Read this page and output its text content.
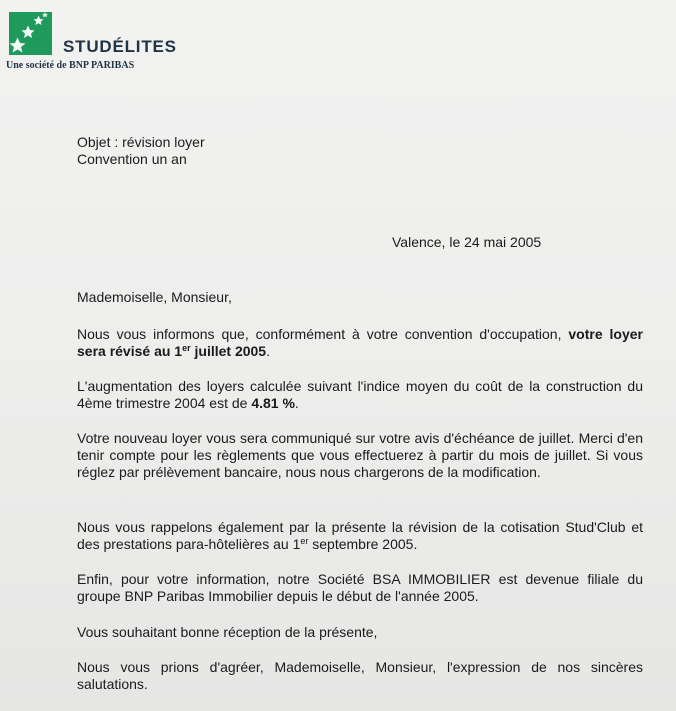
STUDÉLITES
Une société de BNP PARIBAS
Objet : révision loyer
Convention un an
Valence, le 24 mai 2005
Mademoiselle, Monsieur,
Nous vous informons que, conformément à votre convention d'occupation, votre loyer sera révisé au 1er juillet 2005.
L'augmentation des loyers calculée suivant l'indice moyen du coût de la construction du 4ème trimestre 2004 est de 4.81 %.
Votre nouveau loyer vous sera communiqué sur votre avis d'échéance de juillet. Merci d'en tenir compte pour les règlements que vous effectuerez à partir du mois de juillet. Si vous réglez par prélèvement bancaire, nous nous chargerons de la modification.
Nous vous rappelons également par la présente la révision de la cotisation Stud'Club et des prestations para-hôtelières au 1er septembre 2005.
Enfin, pour votre information, notre Société BSA IMMOBILIER est devenue filiale du groupe BNP Paribas Immobilier depuis le début de l'année 2005.
Vous souhaitant bonne réception de la présente,
Nous vous prions d'agréer, Mademoiselle, Monsieur, l'expression de nos sincères salutations.
